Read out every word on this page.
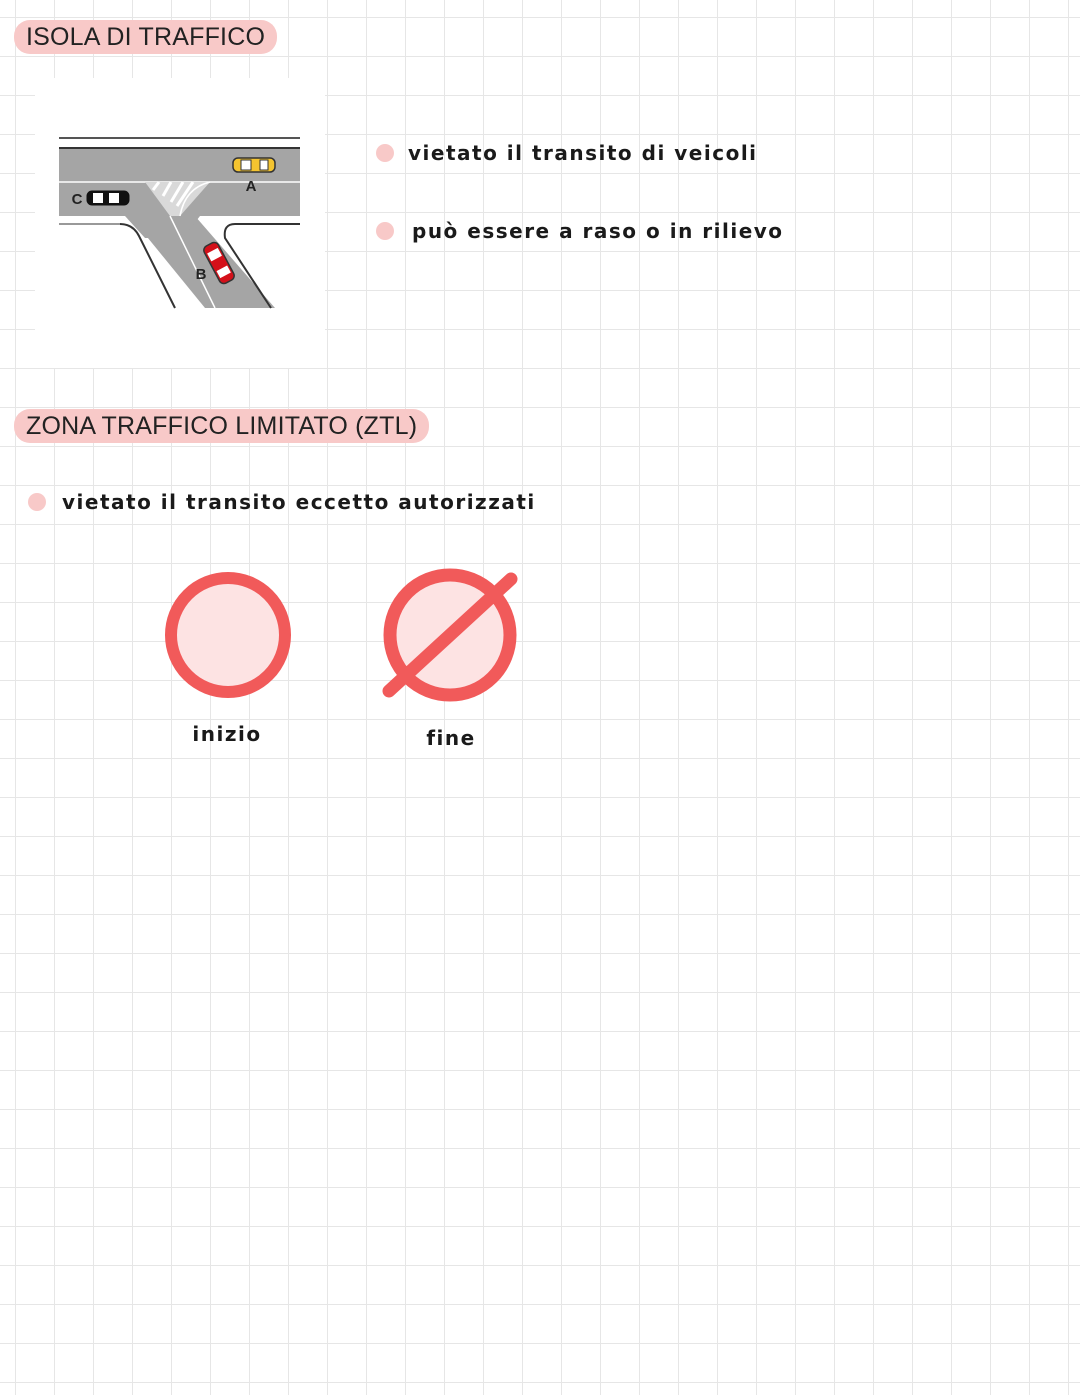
ISOLA DI TRAFFICO
A
C
B
vietato il transito di veicoli
può essere a raso o in rilievo
ZONA TRAFFICO LIMITATO (ZTL)
vietato il transito eccetto autorizzati
inizio	fine
